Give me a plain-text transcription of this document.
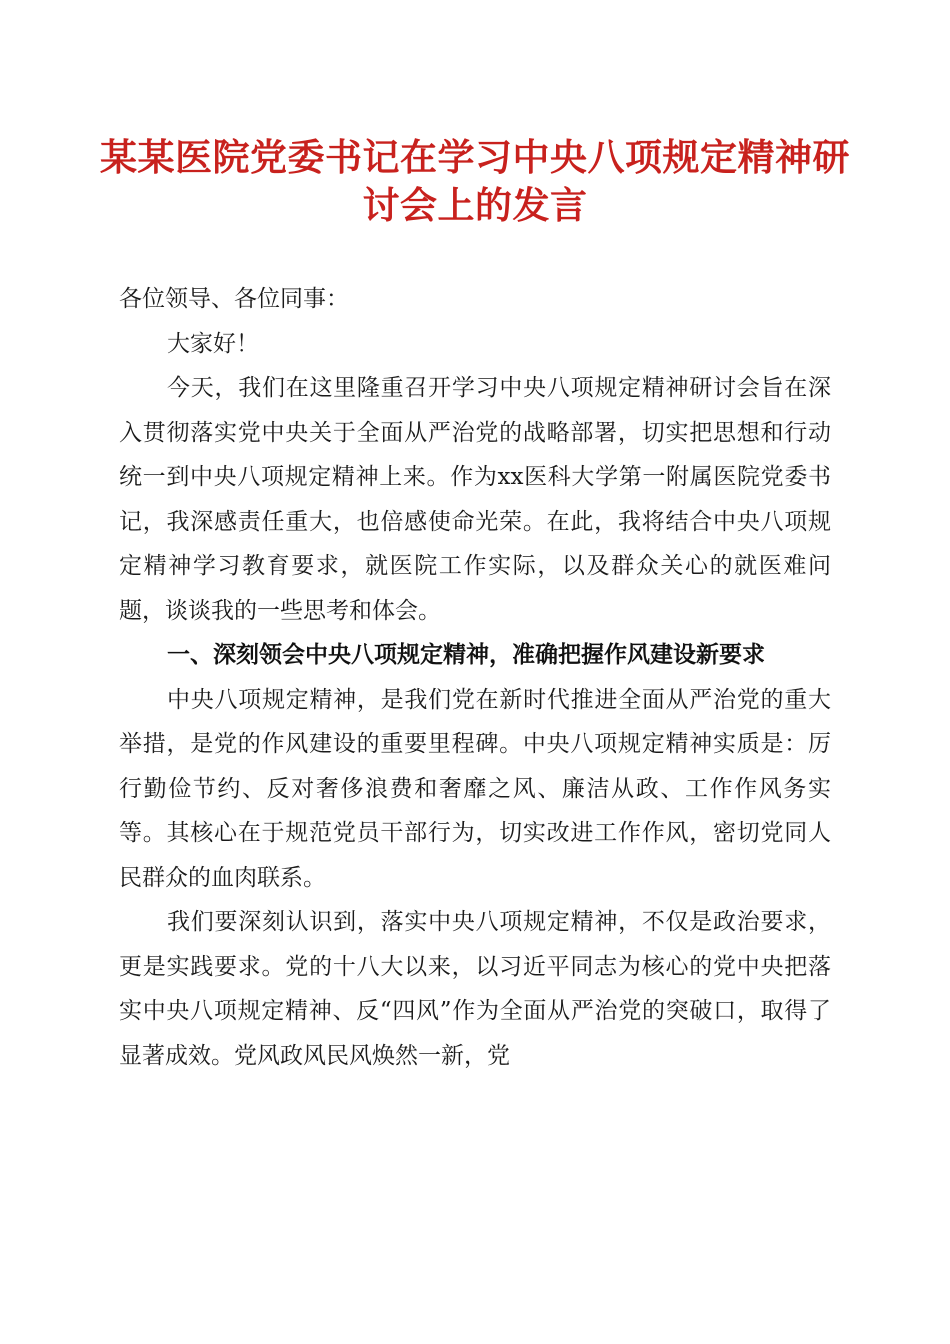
某某医院党委书记在学习中央八项规定精神研
讨会上的发言

各位领导、各位同事：

大家好！

今天，我们在这里隆重召开学习中央八项规定精神研讨会旨在深入贯彻落实党中央关于全面从严治党的战略部署，切实把思想和行动统一到中央八项规定精神上来。作为xx医科大学第一附属医院党委书记，我深感责任重大，也倍感使命光荣。在此，我将结合中央八项规定精神学习教育要求，就医院工作实际，以及群众关心的就医难问题，谈谈我的一些思考和体会。

一、深刻领会中央八项规定精神，准确把握作风建设新要求

中央八项规定精神，是我们党在新时代推进全面从严治党的重大举措，是党的作风建设的重要里程碑。中央八项规定精神实质是：厉行勤俭节约、反对奢侈浪费和奢靡之风、廉洁从政、工作作风务实等。其核心在于规范党员干部行为，切实改进工作作风，密切党同人民群众的血肉联系。

我们要深刻认识到，落实中央八项规定精神，不仅是政治要求，更是实践要求。党的十八大以来，以习近平同志为核心的党中央把落实中央八项规定精神、反“四风”作为全面从严治党的突破口，取得了显著成效。党风政风民风焕然一新，党
